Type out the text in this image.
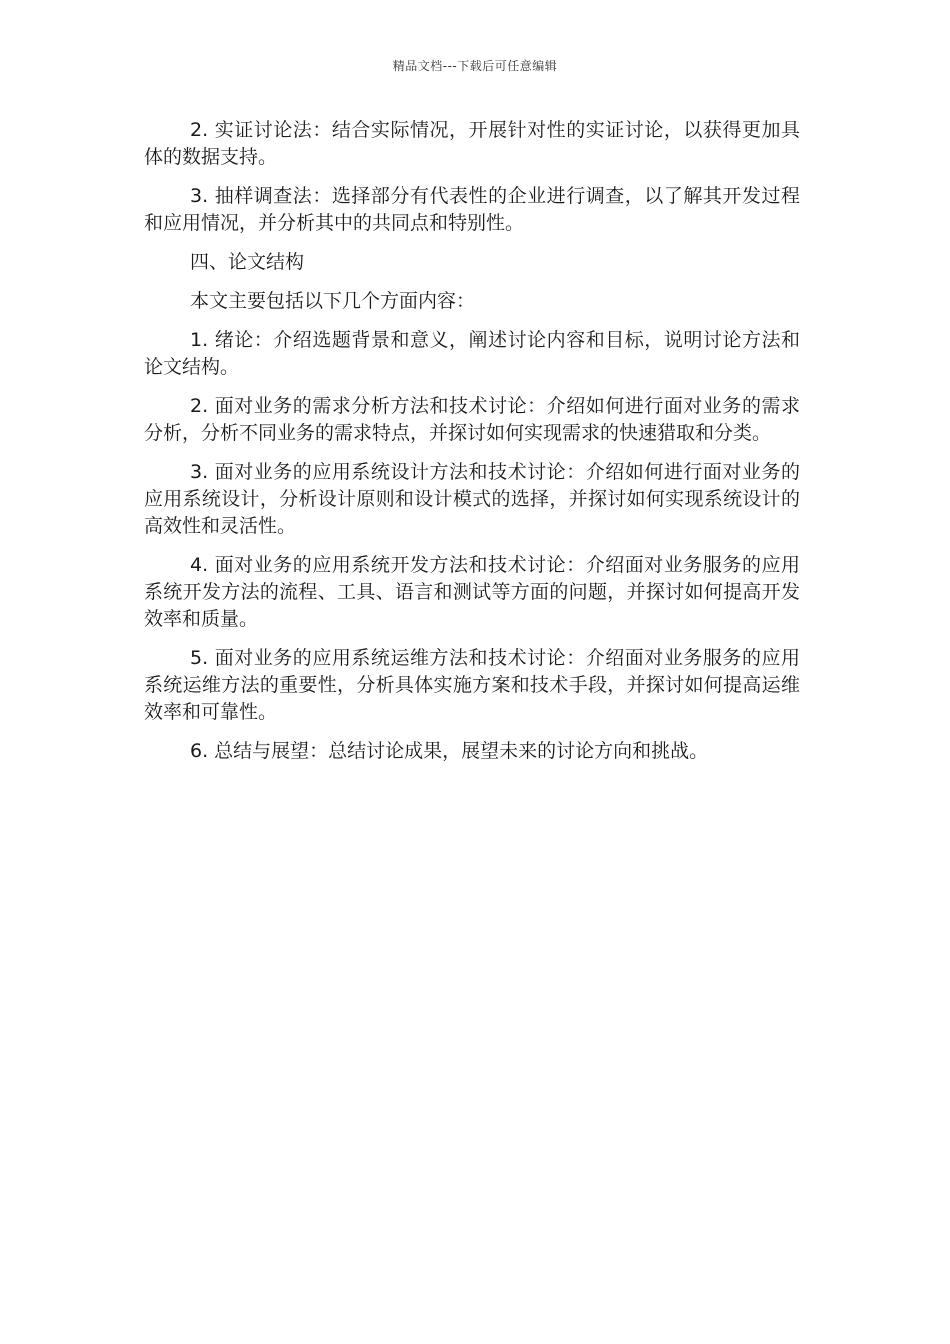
精品文档---下载后可任意编辑

2. 实证讨论法：结合实际情况，开展针对性的实证讨论，以获得更加具体的数据支持。

3. 抽样调查法：选择部分有代表性的企业进行调查，以了解其开发过程和应用情况，并分析其中的共同点和特别性。

四、论文结构

本文主要包括以下几个方面内容：

1. 绪论：介绍选题背景和意义，阐述讨论内容和目标，说明讨论方法和论文结构。

2. 面对业务的需求分析方法和技术讨论：介绍如何进行面对业务的需求分析，分析不同业务的需求特点，并探讨如何实现需求的快速猎取和分类。

3. 面对业务的应用系统设计方法和技术讨论：介绍如何进行面对业务的应用系统设计，分析设计原则和设计模式的选择，并探讨如何实现系统设计的高效性和灵活性。

4. 面对业务的应用系统开发方法和技术讨论：介绍面对业务服务的应用系统开发方法的流程、工具、语言和测试等方面的问题，并探讨如何提高开发效率和质量。

5. 面对业务的应用系统运维方法和技术讨论：介绍面对业务服务的应用系统运维方法的重要性，分析具体实施方案和技术手段，并探讨如何提高运维效率和可靠性。

6. 总结与展望：总结讨论成果，展望未来的讨论方向和挑战。
